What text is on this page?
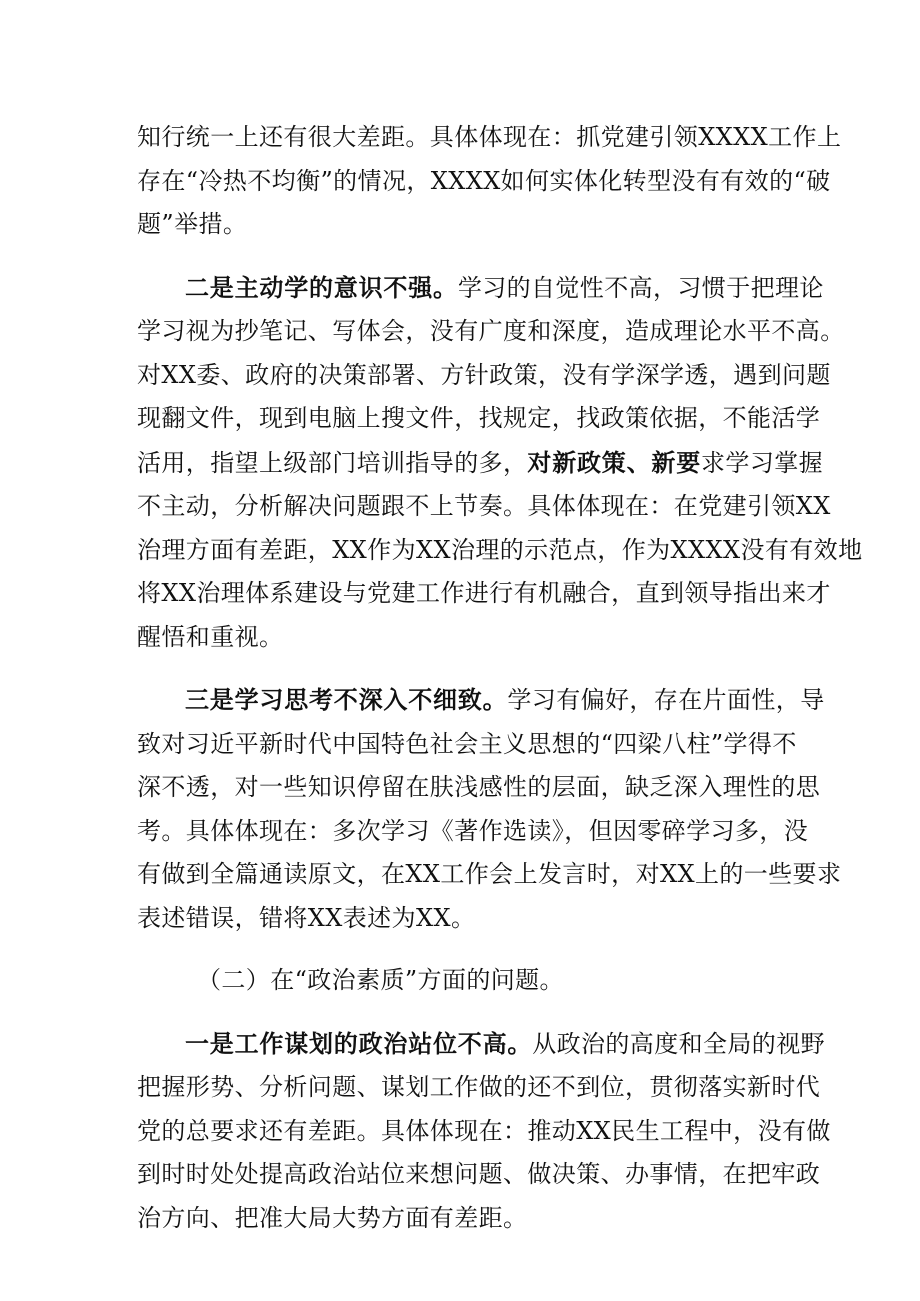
知行统一上还有很大差距。具体体现在：抓党建引领XXXX工作上
存在“冷热不均衡”的情况，XXXX如何实体化转型没有有效的“破
题”举措。

二是主动学的意识不强。学习的自觉性不高，习惯于把理论
学习视为抄笔记、写体会，没有广度和深度，造成理论水平不高。
对XX委、政府的决策部署、方针政策，没有学深学透，遇到问题
现翻文件，现到电脑上搜文件，找规定，找政策依据，不能活学
活用，指望上级部门培训指导的多，对新政策、新要求学习掌握
不主动，分析解决问题跟不上节奏。具体体现在：在党建引领XX
治理方面有差距，XX作为XX治理的示范点，作为XXXX没有有效地
将XX治理体系建设与党建工作进行有机融合，直到领导指出来才
醒悟和重视。

三是学习思考不深入不细致。学习有偏好，存在片面性，导
致对习近平新时代中国特色社会主义思想的“四梁八柱”学得不
深不透，对一些知识停留在肤浅感性的层面，缺乏深入理性的思
考。具体体现在：多次学习《著作选读》，但因零碎学习多，没
有做到全篇通读原文，在XX工作会上发言时，对XX上的一些要求
表述错误，错将XX表述为XX。

（二）在“政治素质”方面的问题。

一是工作谋划的政治站位不高。从政治的高度和全局的视野
把握形势、分析问题、谋划工作做的还不到位，贯彻落实新时代
党的总要求还有差距。具体体现在：推动XX民生工程中，没有做
到时时处处提高政治站位来想问题、做决策、办事情，在把牢政
治方向、把准大局大势方面有差距。
